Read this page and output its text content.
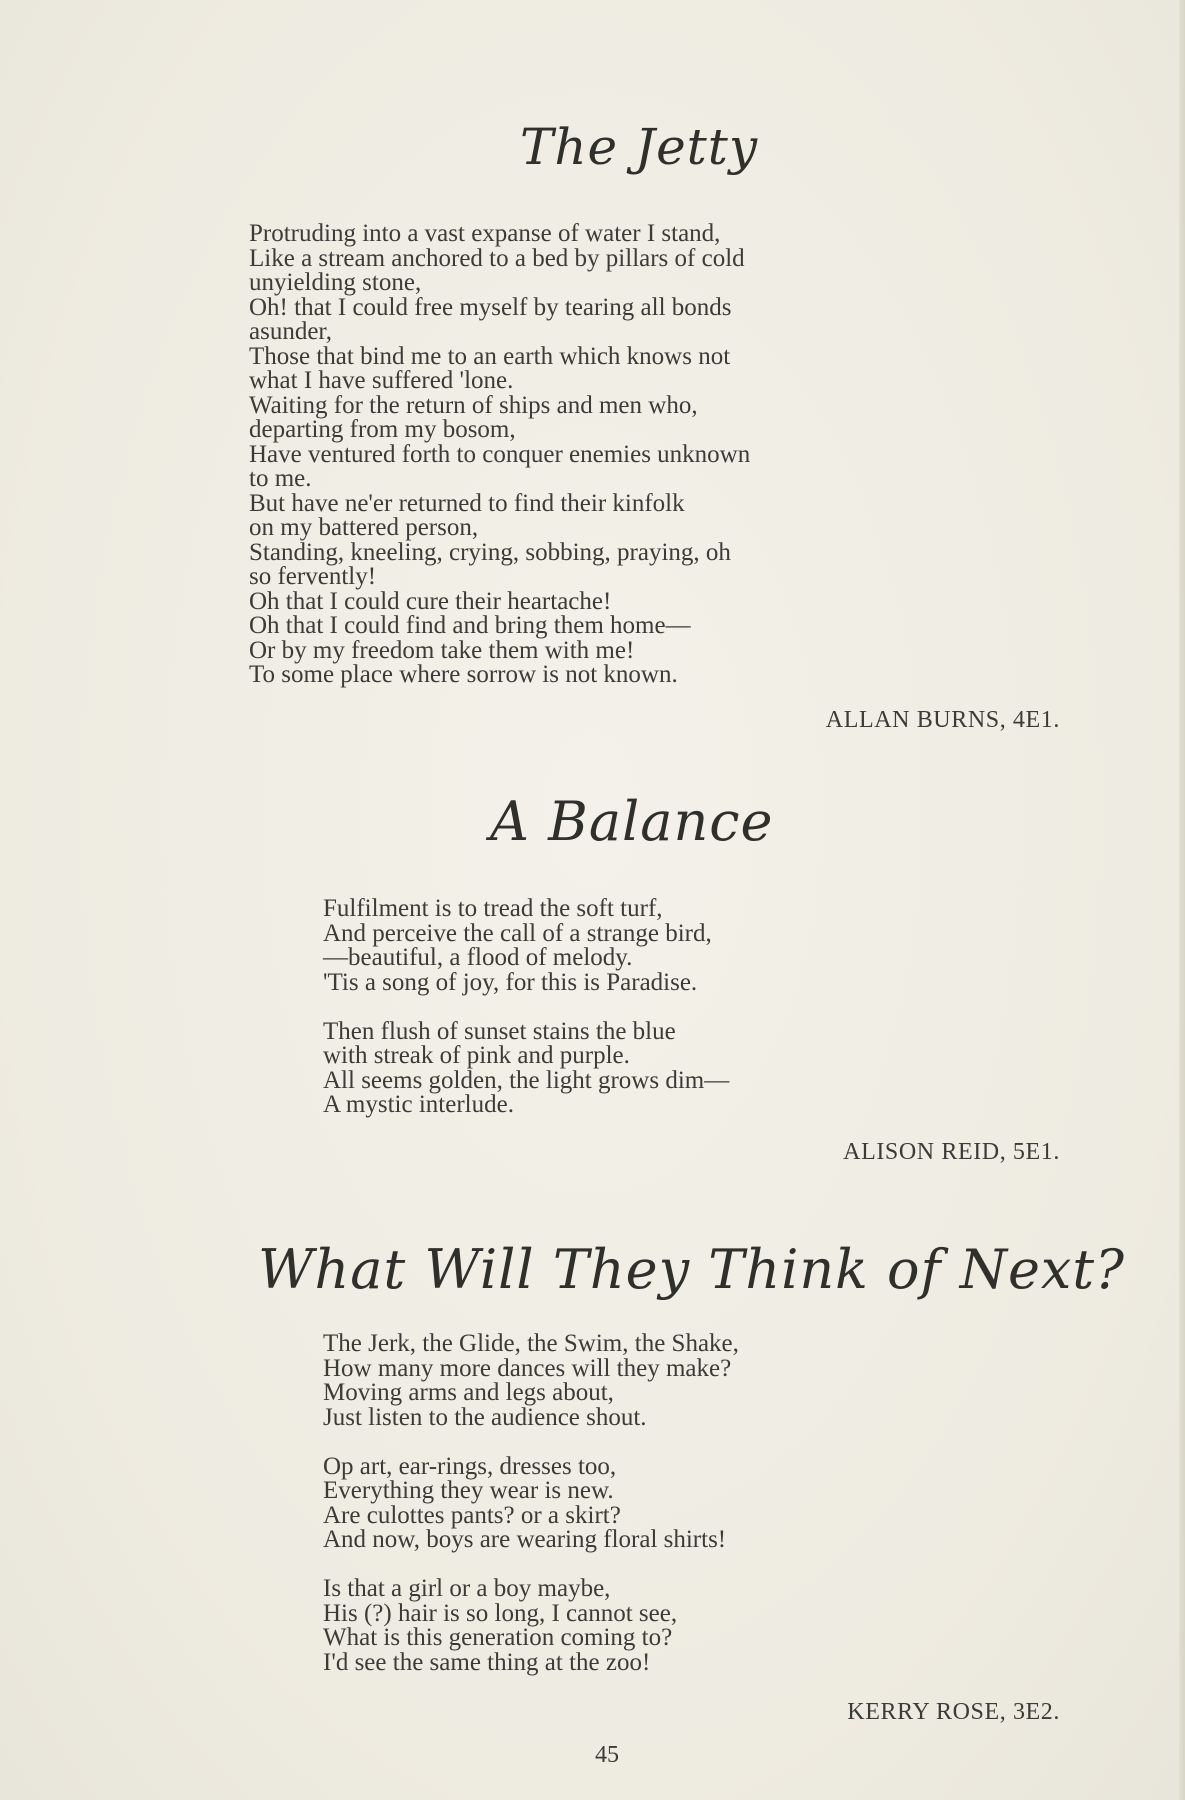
The Jetty
Protruding into a vast expanse of water I stand,
Like a stream anchored to a bed by pillars of cold
unyielding stone,
Oh! that I could free myself by tearing all bonds
asunder,
Those that bind me to an earth which knows not
what I have suffered 'lone.
Waiting for the return of ships and men who,
departing from my bosom,
Have ventured forth to conquer enemies unknown
to me.
But have ne'er returned to find their kinfolk
on my battered person,
Standing, kneeling, crying, sobbing, praying, oh
so fervently!
Oh that I could cure their heartache!
Oh that I could find and bring them home—
Or by my freedom take them with me!
To some place where sorrow is not known.
ALLAN BURNS, 4E1.
A Balance
Fulfilment is to tread the soft turf,
And perceive the call of a strange bird,
—beautiful, a flood of melody.
'Tis a song of joy, for this is Paradise.
Then flush of sunset stains the blue
with streak of pink and purple.
All seems golden, the light grows dim—
A mystic interlude.
ALISON REID, 5E1.
What Will They Think of Next?
The Jerk, the Glide, the Swim, the Shake,
How many more dances will they make?
Moving arms and legs about,
Just listen to the audience shout.
Op art, ear-rings, dresses too,
Everything they wear is new.
Are culottes pants? or a skirt?
And now, boys are wearing floral shirts!
Is that a girl or a boy maybe,
His (?) hair is so long, I cannot see,
What is this generation coming to?
I'd see the same thing at the zoo!
KERRY ROSE, 3E2.
45
